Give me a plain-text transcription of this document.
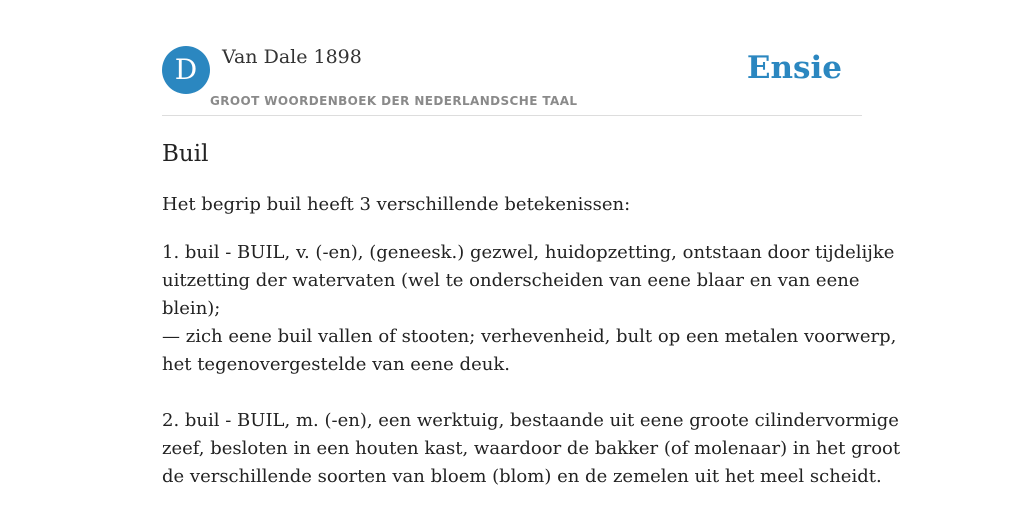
D	Van Dale 1898
GROOT WOORDENBOEK DER NEDERLANDSCHE TAAL
Ensie
Buil

Het begrip buil heeft 3 verschillende betekenissen:

1. buil - BUIL, v. (-en), (geneesk.) gezwel, huidopzetting, ontstaan door tijdelijke
uitzetting der watervaten (wel te onderscheiden van eene blaar en van eene
blein);
— zich eene buil vallen of stooten; verhevenheid, bult op een metalen voorwerp,
het tegenovergestelde van eene deuk.

2. buil - BUIL, m. (-en), een werktuig, bestaande uit eene groote cilindervormige
zeef, besloten in een houten kast, waardoor de bakker (of molenaar) in het groot
de verschillende soorten van bloem (blom) en de zemelen uit het meel scheidt.
